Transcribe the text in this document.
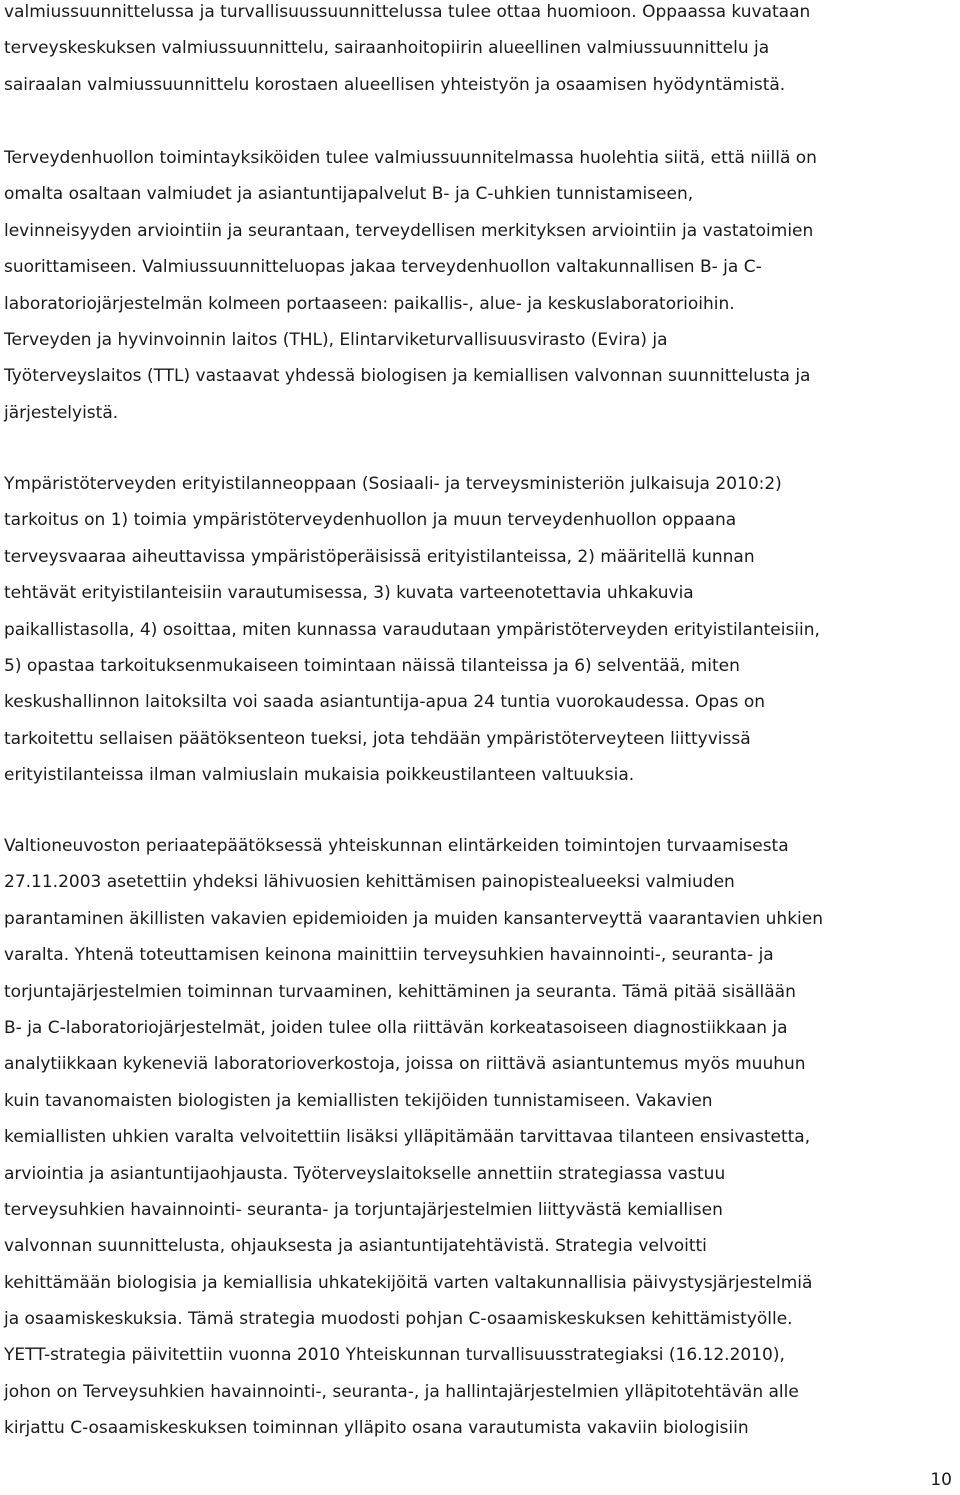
valmiussuunnittelussa ja turvallisuussuunnittelussa tulee ottaa huomioon. Oppaassa kuvataan
terveyskeskuksen valmiussuunnittelu, sairaanhoitopiirin alueellinen valmiussuunnittelu ja
sairaalan valmiussuunnittelu korostaen alueellisen yhteistyön ja osaamisen hyödyntämistä.
Terveydenhuollon toimintayksiköiden tulee valmiussuunnitelmassa huolehtia siitä, että niillä on
omalta osaltaan valmiudet ja asiantuntijapalvelut B- ja C-uhkien tunnistamiseen,
levinneisyyden arviointiin ja seurantaan, terveydellisen merkityksen arviointiin ja vastatoimien
suorittamiseen. Valmiussuunnitteluopas jakaa terveydenhuollon valtakunnallisen B- ja C-
laboratoriojärjestelmän kolmeen portaaseen: paikallis-, alue- ja keskuslaboratorioihin.
Terveyden ja hyvinvoinnin laitos (THL), Elintarviketurvallisuusvirasto (Evira) ja
Työterveyslaitos (TTL) vastaavat yhdessä biologisen ja kemiallisen valvonnan suunnittelusta ja
järjestelyistä.
Ympäristöterveyden erityistilanneoppaan (Sosiaali- ja terveysministeriön julkaisuja 2010:2)
tarkoitus on 1) toimia ympäristöterveydenhuollon ja muun terveydenhuollon oppaana
terveysvaaraa aiheuttavissa ympäristöperäisissä erityistilanteissa, 2) määritellä kunnan
tehtävät erityistilanteisiin varautumisessa, 3) kuvata varteenotettavia uhkakuvia
paikallistasolla, 4) osoittaa, miten kunnassa varaudutaan ympäristöterveyden erityistilanteisiin,
5) opastaa tarkoituksenmukaiseen toimintaan näissä tilanteissa ja 6) selventää, miten
keskushallinnon laitoksilta voi saada asiantuntija-apua 24 tuntia vuorokaudessa. Opas on
tarkoitettu sellaisen päätöksenteon tueksi, jota tehdään ympäristöterveyteen liittyvissä
erityistilanteissa ilman valmiuslain mukaisia poikkeustilanteen valtuuksia.
Valtioneuvoston periaatepäätöksessä yhteiskunnan elintärkeiden toimintojen turvaamisesta
27.11.2003 asetettiin yhdeksi lähivuosien kehittämisen painopistealueeksi valmiuden
parantaminen äkillisten vakavien epidemioiden ja muiden kansanterveyttä vaarantavien uhkien
varalta. Yhtenä toteuttamisen keinona mainittiin terveysuhkien havainnointi-, seuranta- ja
torjuntajärjestelmien toiminnan turvaaminen, kehittäminen ja seuranta. Tämä pitää sisällään
B- ja C-laboratoriojärjestelmät, joiden tulee olla riittävän korkeatasoiseen diagnostiikkaan ja
analytiikkaan kykeneviä laboratorioverkostoja, joissa on riittävä asiantuntemus myös muuhun
kuin tavanomaisten biologisten ja kemiallisten tekijöiden tunnistamiseen. Vakavien
kemiallisten uhkien varalta velvoitettiin lisäksi ylläpitämään tarvittavaa tilanteen ensivastetta,
arviointia ja asiantuntijaohjausta. Työterveyslaitokselle annettiin strategiassa vastuu
terveysuhkien havainnointi- seuranta- ja torjuntajärjestelmien liittyvästä kemiallisen
valvonnan suunnittelusta, ohjauksesta ja asiantuntijatehtävistä. Strategia velvoitti
kehittämään biologisia ja kemiallisia uhkatekijöitä varten valtakunnallisia päivystysjärjestelmiä
ja osaamiskeskuksia. Tämä strategia muodosti pohjan C-osaamiskeskuksen kehittämistyölle.
YETT-strategia päivitettiin vuonna 2010 Yhteiskunnan turvallisuusstrategiaksi (16.12.2010),
johon on Terveysuhkien havainnointi-, seuranta-, ja hallintajärjestelmien ylläpitotehtävän alle
kirjattu C-osaamiskeskuksen toiminnan ylläpito osana varautumista vakaviin biologisiin
10
